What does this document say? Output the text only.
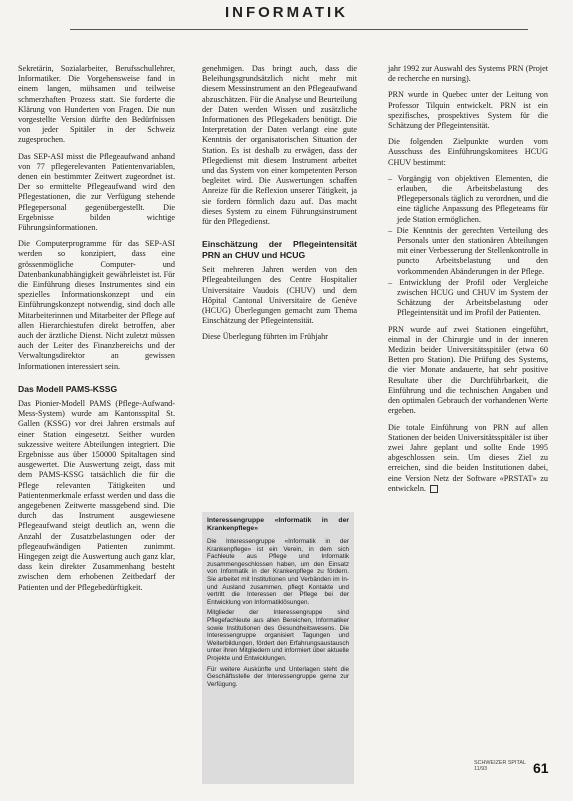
INFORMATIK

Sekretärin, Sozialarbeiter, Berufsschullehrer, Informatiker. Die Vorgehensweise fand in einem langen, mühsamen und teilweise schmerzhaften Prozess statt. Sie forderte die Klärung von Hunderten von Fragen. Die nun vorgestellte Version dürfte den Bedürfnissen von jeder Spitäler in der Schweiz zugesprochen.

Das SEP-ASI misst die Pflegeaufwand anhand von 77 pflegerelevanten Patientenvariablen, denen ein bestimmter Zeitwert zugeordnet ist. Der so ermittelte Pflegeaufwand wird den Pflegestationen, die zur Verfügung stehende Pflegepersonal gegenübergestellt. Die Ergebnisse bilden wichtige Führungsinformationen.

Die Computerprogramme für das SEP-ASI werden so konzipiert, dass eine grössenmögliche Computer- und Datenbankunabhängigkeit gewährleistet ist. Für die Einführung dieses Instrumentes sind ein spezielles Informationskonzept und ein Einführungskonzept notwendig, sind doch alle Mitarbeiterinnen und Mitarbeiter der Pflege auf allen Hierarchiestufen direkt betroffen, aber auch der ärztliche Dienst. Nicht zuletzt müssen auch der Leiter des Finanzbereichs und der Verwaltungsdirektor an gewissen Informationen interessiert sein.

Das Modell PAMS-KSSG

Das Pionier-Modell PAMS (Pflege-Aufwand-Mess-System) wurde am Kantonsspital St. Gallen (KSSG) vor drei Jahren erstmals auf einer Station eingesetzt. Seither wurden sukzessive weitere Abteilungen integriert. Die Ergebnisse aus über 150000 Spitaltagen sind ausgewertet. Die Auswertung zeigt, dass mit dem PAMS-KSSG tatsächlich die für die Pflege relevanten Tätigkeiten und Patientenmerkmale erfasst werden und dass die angegebenen Zeitwerte massgebend sind. Die durch das Instrument ausgewiesene Pflegeaufwand steigt deutlich an, wenn die Anzahl der Zusatzbelastungen oder der pflegeaufwändigen Patienten zunimmt. Hingegen zeigt die Auswertung auch ganz klar, dass kein direkter Zusammenhang besteht zwischen dem erhobenen Zeitbedarf der Patienten und der Pflegebedürftigkeit.

genehmigen. Das bringt auch, dass die Beleihungsgrundsätzlich nicht mehr mit diesem Messinstrument an den Pflegeaufwand abzuschätzen. Für die Analyse und Beurteilung der Daten werden Wissen und zusätzliche Informationen des Pflegekaders benötigt. Die Interpretation der Daten verlangt eine gute Kenntnis der organisatorischen Situation der Station. Es ist deshalb zu erwägen, dass der Pflegedienst mit diesem Instrument arbeitet und das System von einer kompetenten Person begleitet wird. Die Auswertungen schaffen Anreize für die Reflexion unserer Tätigkeit, ja sie fordern förmlich dazu auf. Das macht dieses System zu einem Führungsinstrument für den Pflegedienst.

Einschätzung der Pflegeintensität PRN an CHUV und HCUG

Seit mehreren Jahren werden von den Pflegeabteilungen des Centre Hospitalier Universitaire Vaudois (CHUV) und dem Hôpital Cantonal Universitaire de Genève (HCUG) Überlegungen gemacht zum Thema Einschätzung der Pflegeintensität.

Diese Überlegung führten im Frühjahr

Interessengruppe «Informatik in der Krankenpflege»

Die Interessengruppe «Informatik in der Krankenpflege» ist ein Verein, in dem sich Fachleute aus Pflege und Informatik zusammengeschlossen haben, um den Einsatz von Informatik in der Krankenpflege zu fördern. Sie arbeitet mit Institutionen und Verbänden im In- und Ausland zusammen, pflegt Kontakte und vertritt die Interessen der Pflege bei der Entwicklung von Informatiklösungen.

Mitglieder der Interessengruppe sind Pflegefachleute aus allen Bereichen, Informatiker sowie Institutionen des Gesundheitswesens. Die Interessengruppe organisiert Tagungen und Weiterbildungen, fördert den Erfahrungsaustausch unter ihren Mitgliedern und informiert über aktuelle Projekte und Entwicklungen.

Für weitere Auskünfte und Unterlagen steht die Geschäftsstelle der Interessengruppe gerne zur Verfügung.

jahr 1992 zur Auswahl des Systems PRN (Projet de recherche en nursing).

PRN wurde in Quebec unter der Leitung von Professor Tilquin entwickelt. PRN ist ein spezifisches, prospektives System für die Schätzung der Pflegeintensität.

Die folgenden Zielpunkte wurden vom Ausschuss des Einführungskomitees HCUG CHUV bestimmt:

– Vorgängig von objektiven Elementen, die erlauben, die Arbeitsbelastung des Pflegepersonals täglich zu verordnen, und die eine tägliche Anpassung des Pflegeteams für jede Station ermöglichen.
– Die Kenntnis der gerechten Verteilung des Personals unter den stationären Abteilungen mit einer Verbesserung der Stellenkontrolle in puncto Arbeitsbelastung und den vorkommenden Abänderungen in der Pflege.
– Entwicklung der Profil oder Vergleiche zwischen HCUG und CHUV im System der Schätzung der Arbeitsbelastung oder Pflegeintensität und im Profil der Patienten.

PRN wurde auf zwei Stationen eingeführt, einmal in der Chirurgie und in der inneren Medizin beider Universitätsspitäler (etwa 60 Betten pro Station). Die Prüfung des Systems, die vier Monate andauerte, hat sehr positive Resultate über die Durchführbarkeit, die Einführung und die technischen Angaben und den optimalen Gebrauch der vorhandenen Werte ergeben.

Die totale Einführung von PRN auf allen Stationen der beiden Universitätsspitäler ist über zwei Jahre geplant und sollte Ende 1995 abgeschlossen sein. Um dieses Ziel zu erreichen, sind die beiden Institutionen dabei, eine Version Netz der Software «PRSTAT» zu entwickeln.

SCHWEIZER SPITAL 11/93	61
